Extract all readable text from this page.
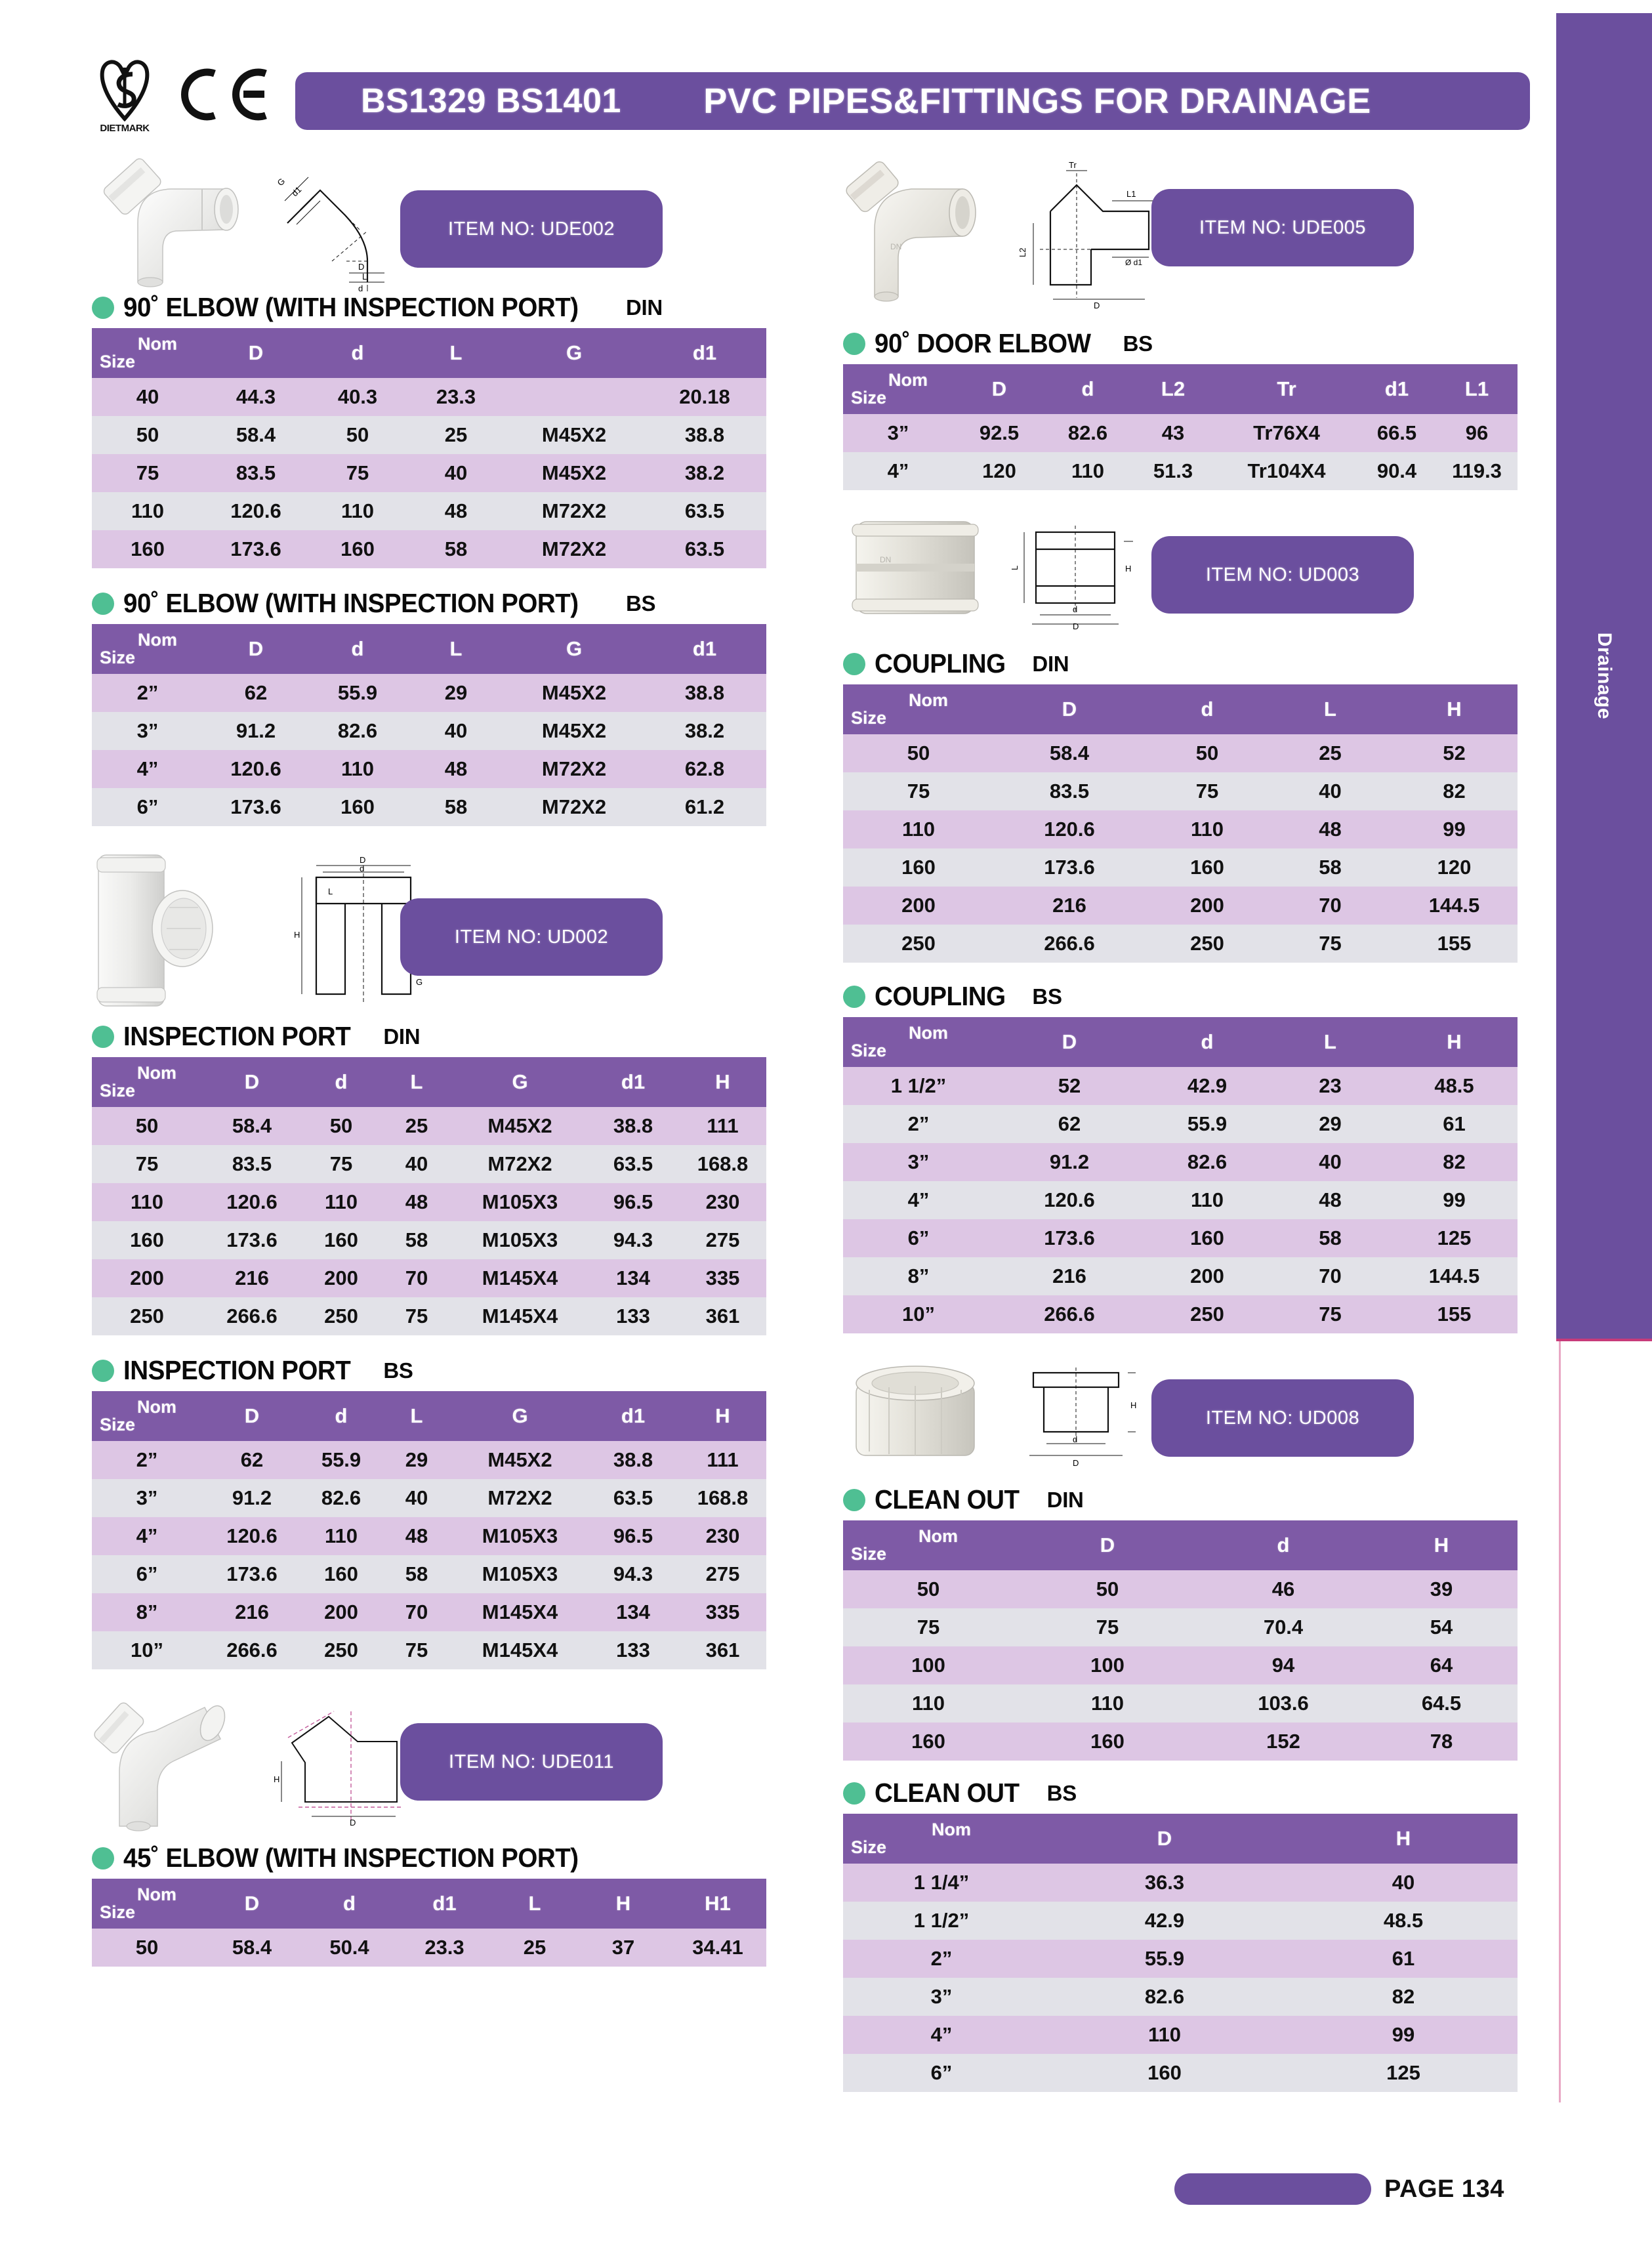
DIETMARK
BS1329 BS1401	PVC PIPES&FITTINGS FOR DRAINAGE
Drainage
G
d1
L
d
D
ITEM NO: UDE002
90˚ ELBOW (WITH INSPECTION PORT) DIN
Nom
Size	D	d	L	G	d1
40	44.3	40.3	23.3		20.18
50	58.4	50	25	M45X2	38.8
75	83.5	75	40	M45X2	38.2
110	120.6	110	48	M72X2	63.5
160	173.6	160	58	M72X2	63.5
90˚ ELBOW (WITH INSPECTION PORT) BS
Nom
Size	D	d	L	G	d1
2”	62	55.9	29	M45X2	38.8
3”	91.2	82.6	40	M45X2	38.2
4”	120.6	110	48	M72X2	62.8
6”	173.6	160	58	M72X2	61.2
D
d
L
H
G
ITEM NO: UD002
INSPECTION PORT DIN
Nom
Size	D	d	L	G	d1	H
50	58.4	50	25	M45X2	38.8	111
75	83.5	75	40	M72X2	63.5	168.8
110	120.6	110	48	M105X3	96.5	230
160	173.6	160	58	M105X3	94.3	275
200	216	200	70	M145X4	134	335
250	266.6	250	75	M145X4	133	361
INSPECTION PORT BS
Nom
Size	D	d	L	G	d1	H
2”	62	55.9	29	M45X2	38.8	111
3”	91.2	82.6	40	M72X2	63.5	168.8
4”	120.6	110	48	M105X3	96.5	230
6”	173.6	160	58	M105X3	94.3	275
8”	216	200	70	M145X4	134	335
10”	266.6	250	75	M145X4	133	361
H
D
ITEM NO: UDE011
45˚ ELBOW (WITH INSPECTION PORT)
Nom
Size	D	d	d1	L	H	H1
50	58.4	50.4	23.3	25	37	34.41
DN
Tr
L1
Ø d1
L2
D
ITEM NO: UDE005
90˚ DOOR ELBOW BS
Nom
Size	D	d	L2	Tr	d1	L1
3”	92.5	82.6	43	Tr76X4	66.5	96
4”	120	110	51.3	Tr104X4	90.4	119.3
DN
L	H
d
D
ITEM NO: UD003
COUPLING DIN
Nom
Size	D	d	L	H
50	58.4	50	25	52
75	83.5	75	40	82
110	120.6	110	48	99
160	173.6	160	58	120
200	216	200	70	144.5
250	266.6	250	75	155
COUPLING BS
Nom
Size	D	d	L	H
1 1/2”	52	42.9	23	48.5
2”	62	55.9	29	61
3”	91.2	82.6	40	82
4”	120.6	110	48	99
6”	173.6	160	58	125
8”	216	200	70	144.5
10”	266.6	250	75	155
H
d
D
ITEM NO: UD008
CLEAN OUT DIN
Nom
Size	D	d	H
50	50	46	39
75	75	70.4	54
100	100	94	64
110	110	103.6	64.5
160	160	152	78
CLEAN OUT BS
Nom
Size	D	H
1 1/4”	36.3	40
1 1/2”	42.9	48.5
2”	55.9	61
3”	82.6	82
4”	110	99
6”	160	125
PAGE 134
